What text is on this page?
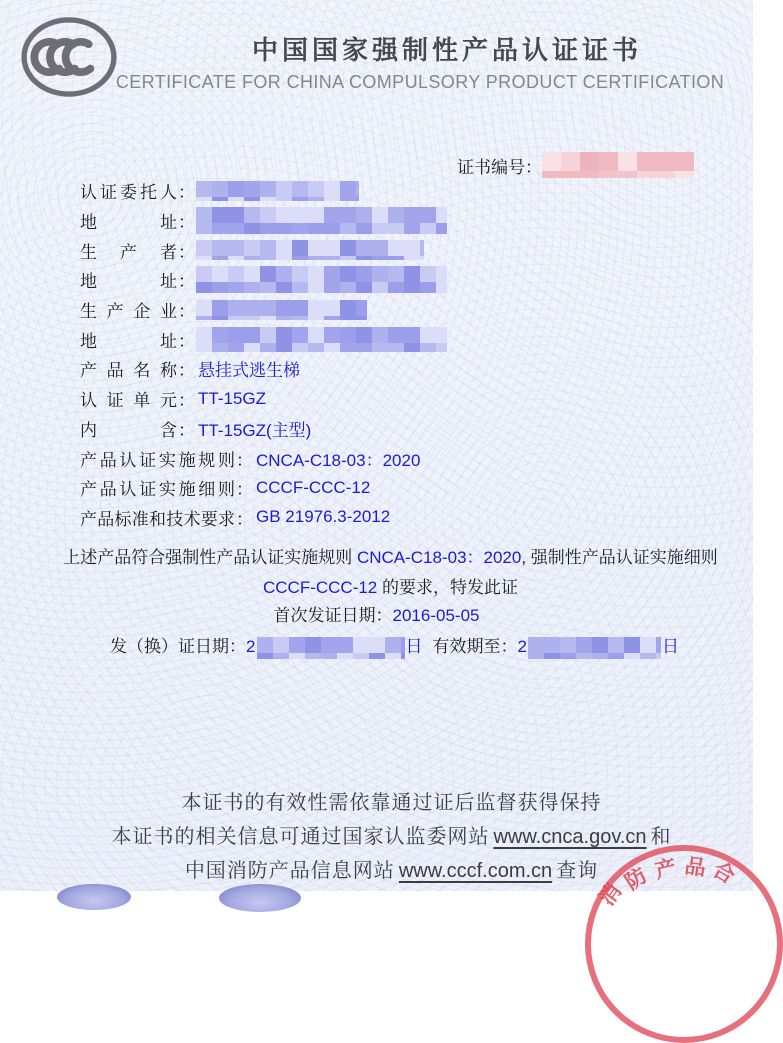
中国国家强制性产品认证证书
CERTIFICATE FOR CHINA COMPULSORY PRODUCT CERTIFICATION
证书编号：
认证委托人：
地址：
生产者：
地址：
生产企业：
地址：
产品名称： 悬挂式逃生梯
认证单元： TT-15GZ
内含： TT-15GZ(主型)
产品认证实施规则： CNCA-C18-03：2020
产品认证实施细则： CCCF-CCC-12
产品标准和技术要求： GB 21976.3-2012
上述产品符合强制性产品认证实施规则 CNCA-C18-03：2020, 强制性产品认证实施细则
CCCF-CCC-12 的要求，特发此证
首次发证日期：2016-05-05
发（换）证日期：2	日 有效期至：2	日
本证书的有效性需依靠通过证后监督获得保持
本证书的相关信息可通过国家认监委网站 www.cnca.gov.cn 和
中国消防产品信息网站 www.cccf.com.cn 查询
消
防 产 品 合
